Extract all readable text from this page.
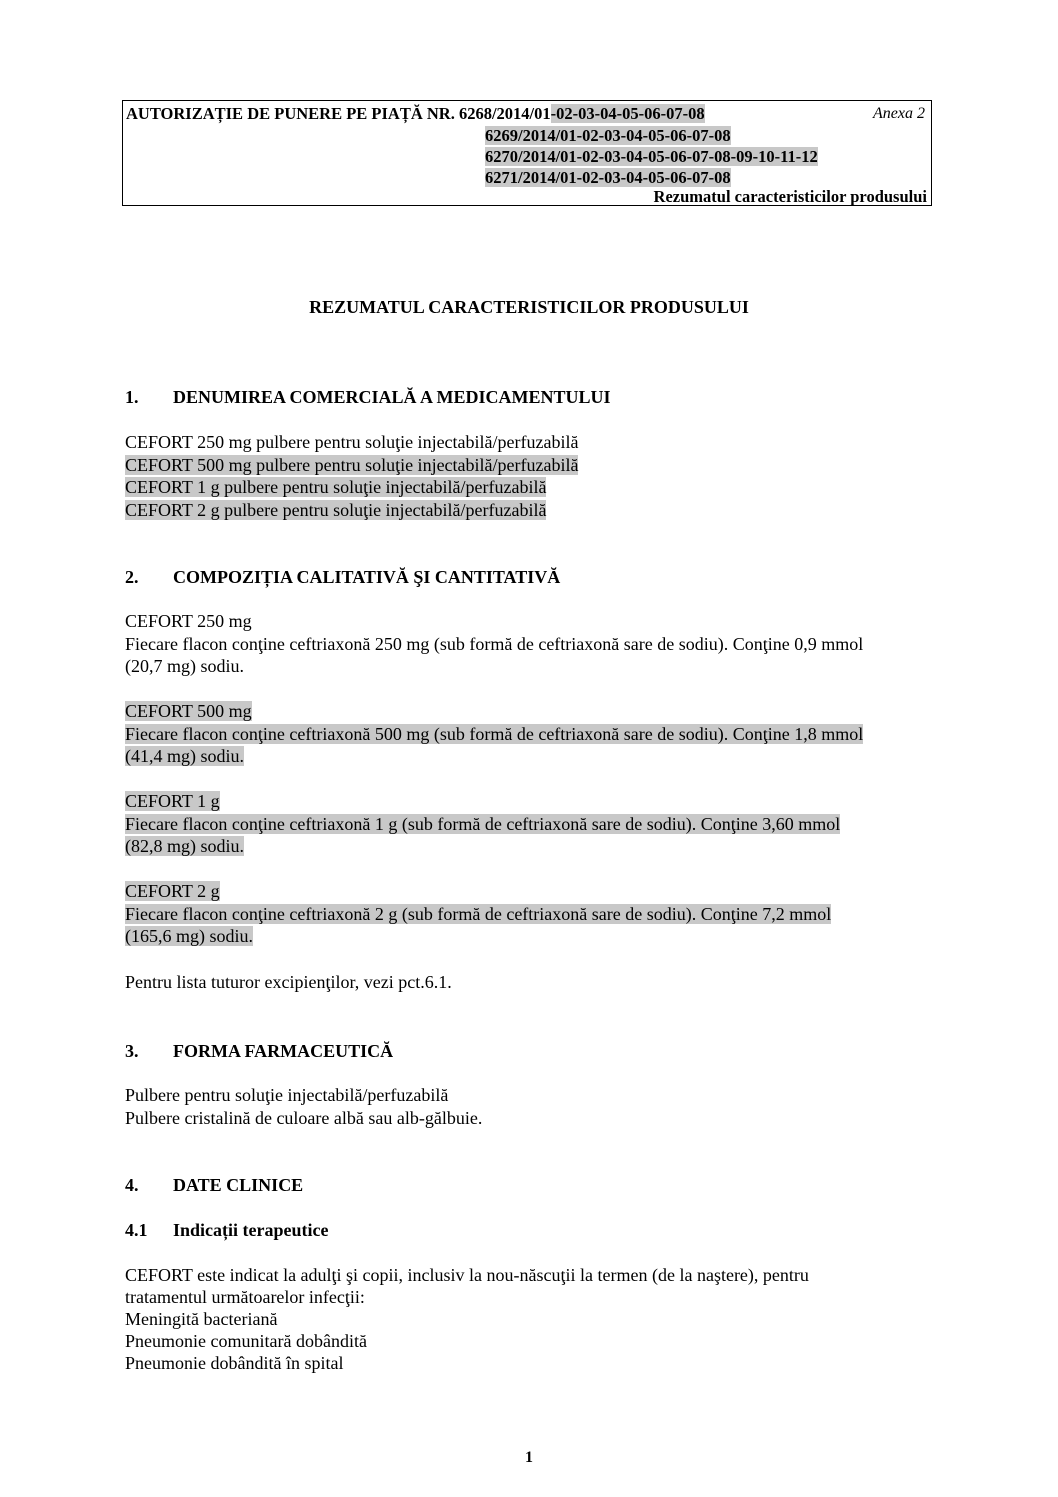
AUTORIZAȚIE DE PUNERE PE PIAȚĂ NR. 6268/2014/01-02-03-04-05-06-07-08	Anexa 2
6269/2014/01-02-03-04-05-06-07-08
6270/2014/01-02-03-04-05-06-07-08-09-10-11-12
6271/2014/01-02-03-04-05-06-07-08
Rezumatul caracteristicilor produsului
REZUMATUL CARACTERISTICILOR PRODUSULUI
1. DENUMIREA COMERCIALĂ A MEDICAMENTULUI
CEFORT 250 mg pulbere pentru soluţie injectabilă/perfuzabilă
CEFORT 500 mg pulbere pentru soluţie injectabilă/perfuzabilă
CEFORT 1 g pulbere pentru soluţie injectabilă/perfuzabilă
CEFORT 2 g pulbere pentru soluţie injectabilă/perfuzabilă
2. COMPOZIȚIA CALITATIVĂ ŞI CANTITATIVĂ
CEFORT 250 mg
Fiecare flacon conţine ceftriaxonă 250 mg (sub formă de ceftriaxonă sare de sodiu). Conţine 0,9 mmol
(20,7 mg) sodiu.
CEFORT 500 mg
Fiecare flacon conţine ceftriaxonă 500 mg (sub formă de ceftriaxonă sare de sodiu). Conţine 1,8 mmol
(41,4 mg) sodiu.
CEFORT 1 g
Fiecare flacon conţine ceftriaxonă 1 g (sub formă de ceftriaxonă sare de sodiu). Conţine 3,60 mmol
(82,8 mg) sodiu.
CEFORT 2 g
Fiecare flacon conţine ceftriaxonă 2 g (sub formă de ceftriaxonă sare de sodiu). Conţine 7,2 mmol
(165,6 mg) sodiu.
Pentru lista tuturor excipienţilor, vezi pct.6.1.
3. FORMA FARMACEUTICĂ
Pulbere pentru soluţie injectabilă/perfuzabilă
Pulbere cristalină de culoare albă sau alb-gălbuie.
4. DATE CLINICE
4.1 Indicații terapeutice
CEFORT este indicat la adulţi şi copii, inclusiv la nou-născuţii la termen (de la naştere), pentru
tratamentul următoarelor infecţii:
Meningită bacteriană
Pneumonie comunitară dobândită
Pneumonie dobândită în spital
1
